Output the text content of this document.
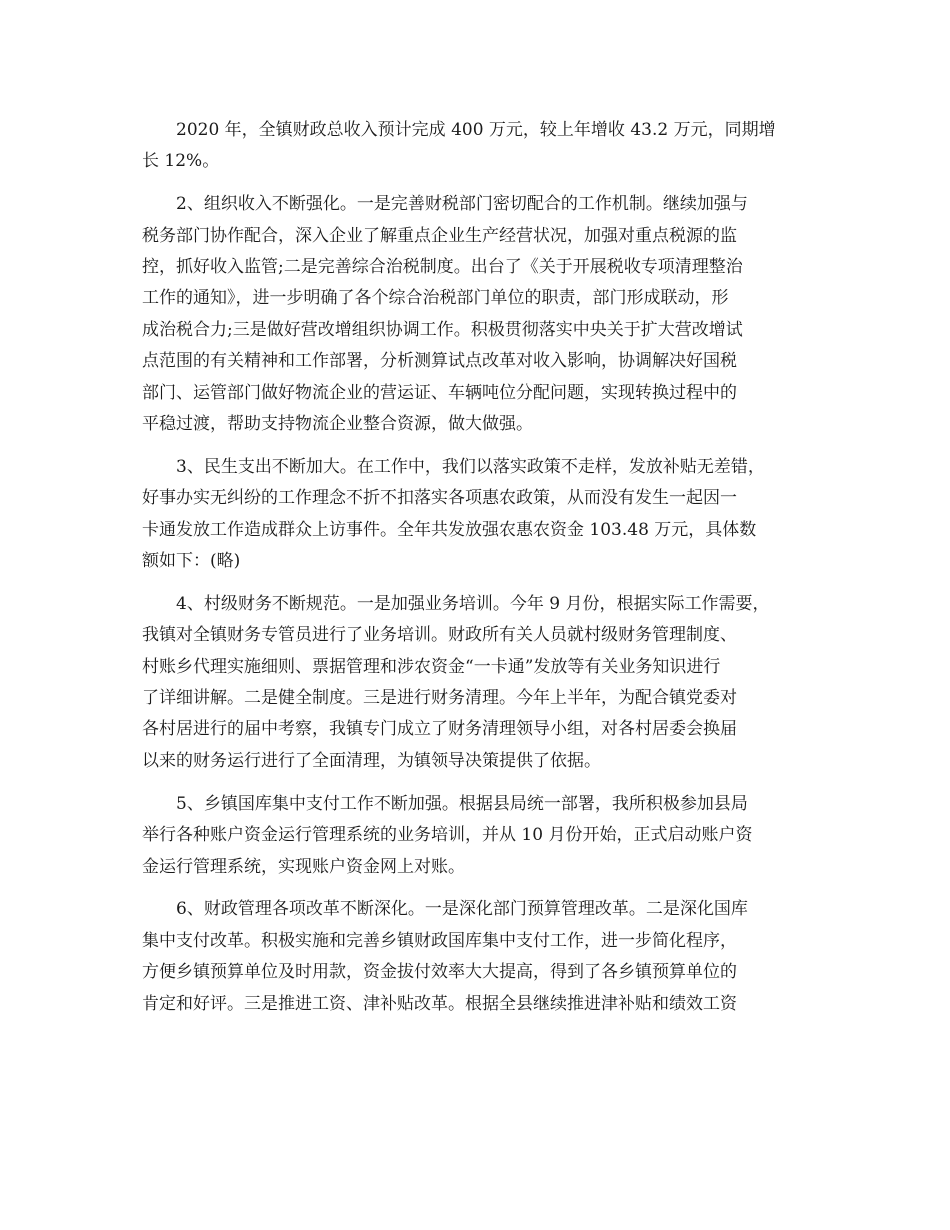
2020 年，全镇财政总收入预计完成 400 万元，较上年增收 43.2 万元，同期增
长 12%。

2、组织收入不断强化。一是完善财税部门密切配合的工作机制。继续加强与
税务部门协作配合，深入企业了解重点企业生产经营状况，加强对重点税源的监
控，抓好收入监管;二是完善综合治税制度。出台了《关于开展税收专项清理整治
工作的通知》，进一步明确了各个综合治税部门单位的职责，部门形成联动，形
成治税合力;三是做好营改增组织协调工作。积极贯彻落实中央关于扩大营改增试
点范围的有关精神和工作部署，分析测算试点改革对收入影响，协调解决好国税
部门、运管部门做好物流企业的营运证、车辆吨位分配问题，实现转换过程中的
平稳过渡，帮助支持物流企业整合资源，做大做强。

3、民生支出不断加大。在工作中，我们以落实政策不走样，发放补贴无差错，
好事办实无纠纷的工作理念不折不扣落实各项惠农政策，从而没有发生一起因一
卡通发放工作造成群众上访事件。全年共发放强农惠农资金 103.48 万元，具体数
额如下：(略)

4、村级财务不断规范。一是加强业务培训。今年 9 月份，根据实际工作需要，
我镇对全镇财务专管员进行了业务培训。财政所有关人员就村级财务管理制度、
村账乡代理实施细则、票据管理和涉农资金“一卡通”发放等有关业务知识进行
了详细讲解。二是健全制度。三是进行财务清理。今年上半年，为配合镇党委对
各村居进行的届中考察，我镇专门成立了财务清理领导小组，对各村居委会换届
以来的财务运行进行了全面清理，为镇领导决策提供了依据。

5、乡镇国库集中支付工作不断加强。根据县局统一部署，我所积极参加县局
举行各种账户资金运行管理系统的业务培训，并从 10 月份开始，正式启动账户资
金运行管理系统，实现账户资金网上对账。

6、财政管理各项改革不断深化。一是深化部门预算管理改革。二是深化国库
集中支付改革。积极实施和完善乡镇财政国库集中支付工作，进一步简化程序，
方便乡镇预算单位及时用款，资金拔付效率大大提高，得到了各乡镇预算单位的
肯定和好评。三是推进工资、津补贴改革。根据全县继续推进津补贴和绩效工资
